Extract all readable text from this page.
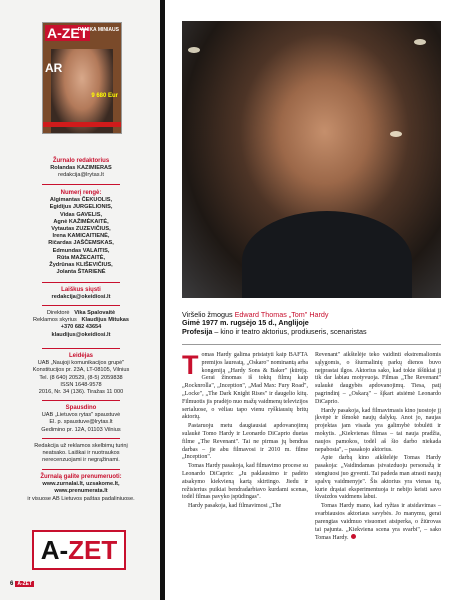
A-ZET
PANIKA MINIAUS
AR
9 680 Eur
Žurnalo redaktorius
Rolandas KAZIMIERAS
redakcija@lrytas.lt
Numerį rengė:
Algimantas ČEKUOLIS,
Egidijus JURGELIONIS,
Vidas GAVELIS,
Agnė KAŽIMĖKAITĖ,
Vytautas ZUZEVIČIUS,
Irena KAMICAITIENĖ,
Ričardas JAŠČEMSKAS,
Edmundas VALAITIS,
Rūta MAŽECAITĖ,
Žydrūnas KLIŠEVIČIUS,
Jolanta ŠTARIENĖ
Laiškus siųsti
redakcija@okeidiosi.lt
Direktorė Vika Spalovaitė
Reklamos skyrius Klaudijus Mitukas
+370 682 43654
klaudijus@okeidiosi.lt
Leidėjas
UAB „Naujoji komunikacijos grupė"
Konstitucijos pr. 23A, LT-08105, Vilnius
Tel. (8 640) 20529, (8-5) 2059838
ISSN 1648-9578
2016, Nr. 34 (136). Tiražas 11 000
Spausdino
UAB „Lietuvos rytas" spaustuvė
El. p. spaustuve@lrytas.lt
Gedimino pr. 12A, 01103 Vilnius
Redakcija už reklamos skelbimų turinį
neatsako. Laiškai ir nuotraukos
nerecenzuojami ir negrąžinami.
Žurnalą galite prenumeruoti:
www.zurnalai.lt, uzsakome.lt,
www.prenumerata.lt
ir visuose AB Lietuvos paštas padaliniuose.
A-ZET
6 A-ZET
Viršelio žmogus Edward Thomas „Tom" Hardy
Gimė 1977 m. rugsėjo 15 d., Anglijoje
Profesija – kino ir teatro aktorius, prodiuseris, scenaristas
T omas Hardy galima pristatyti kaip BAFTA premijos laureatą, „Oskaro" nominantą arba kongeniją „Hardy Sons & Baker" įkūrėją. Gerai žinomas iš tokių filmų kaip „Rocknrolla", „Inception", „Mad Max: Fury Road", „Locke", „The Dark Knight Rises" ir daugelio kitų. Filmuotis jis pradėjo nuo mažų vaidmenų televizijos serialuose, o vėliau tapo vienu ryškiausių britų aktorių.

Pastaruoju metu daugiausiai apdovanojimų sulaukė Tomo Hardy ir Leonardo DiCaprio duetas filme „The Revenant". Tai ne pirmas jų bendras darbas – jie abu filmavosi ir 2010 m. filme „Inception".

Tomas Hardy pasakoja, kad filmavimo procese su Leonardo DiCaprio: „Ju paklausimo ir padėto atsakymo kiekvieną kartą skirtingo. Jiedu ir režisierius puikiai bendradarbiavo kurdami scenas, todėl filmas pavyko įspūdingas".

Hardy pasakoja, kad filmavimosi „The

Revenant" aikštelėje teko vaidinti ekstremaliomis sąlygomis, o šiurmalinių parkų dienos buvo neįprastai ilgos. Aktorius sako, kad tokie iššūkiai jį tik dar labiau motyvuoja. Filmas „The Revenant" sulaukė daugybės apdovanojimų. Tiesa, patį pagrindinį – „Oskarą" – šįkart atsiėmė Leonardo DiCaprio.

Hardy pasakoja, kad filmavimasis kino juostoje jį įkvėpė ir išmokė naujų dalykų. Anot jo, naujas projektas jam visada yra galimybė tobulėti ir mokytis. „Kiekvienas filmas – tai nauja pradžia, naujos pamokos, todėl aš šio darbo niekada nepabosta", – pasakojo aktorius.

Apie darbą kino aikštelėje Tomas Hardy pasakoja: „Vaidindamas įsivaizduoju personažą ir stengiuosi juo gyventi. Tai padeda man atrasti naujų spalvų vaidmenyje". Šis aktorius yra vienas tų, kurie drąsiai eksperimentuoja ir nebijo keisti savo išvaizdos vaidmens labui.

Tomas Hardy mano, kad ryžtas ir atsidavimas – svarbiausios aktoriaus savybės. Jo manymu, gerai parengtas vaidmuo visuomet atsiperka, o žiūrovas tai pajunta. „Kiekviena scena yra svarbi", – sako Tomas Hardy.
